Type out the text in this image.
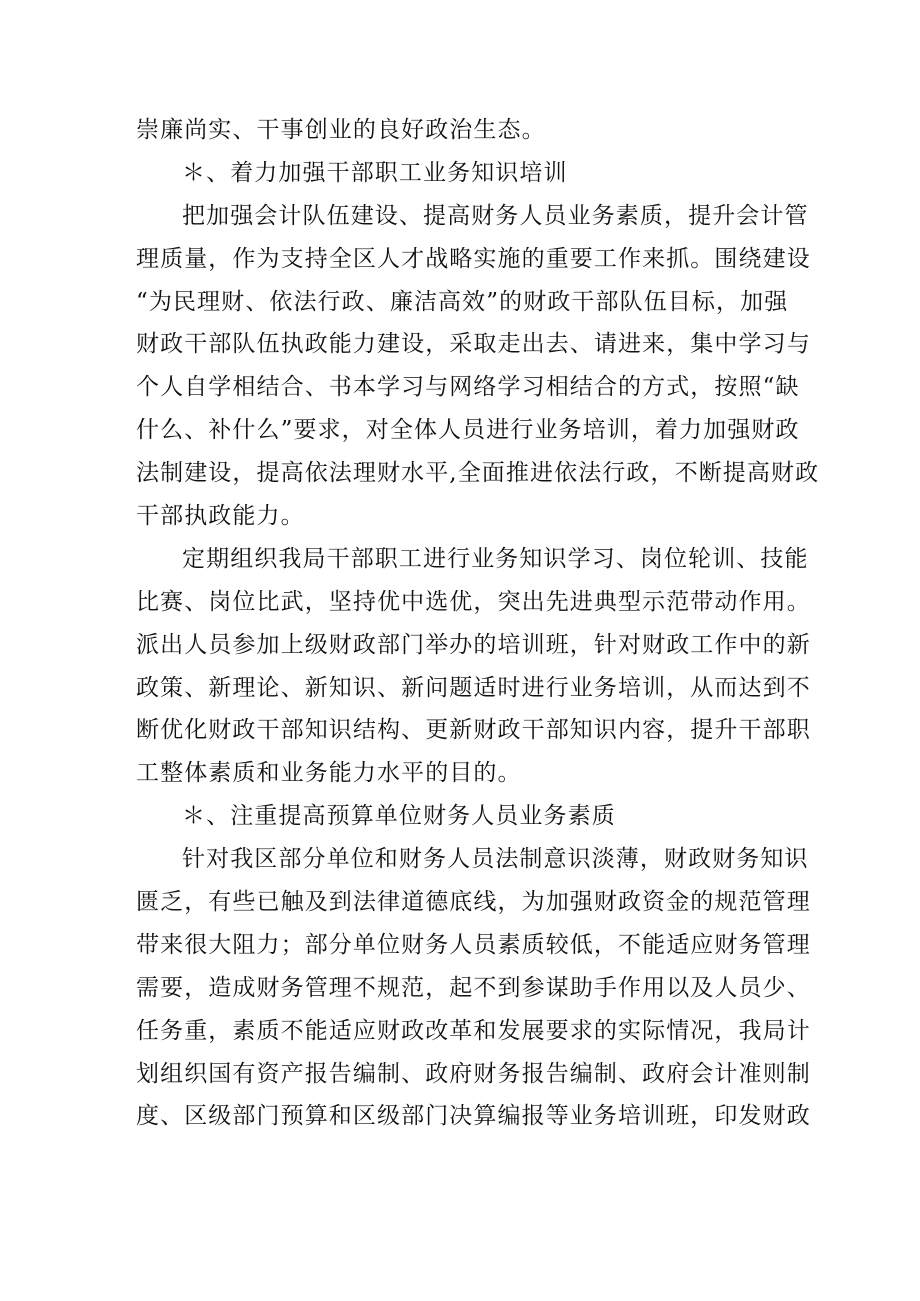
崇廉尚实、干事创业的良好政治生态。
＊、着力加强干部职工业务知识培训
把加强会计队伍建设、提高财务人员业务素质，提升会计管
理质量，作为支持全区人才战略实施的重要工作来抓。围绕建设
“为民理财、依法行政、廉洁高效”的财政干部队伍目标，加强
财政干部队伍执政能力建设，采取走出去、请进来，集中学习与
个人自学相结合、书本学习与网络学习相结合的方式，按照“缺
什么、补什么”要求，对全体人员进行业务培训，着力加强财政
法制建设，提高依法理财水平,全面推进依法行政，不断提高财政
干部执政能力。
定期组织我局干部职工进行业务知识学习、岗位轮训、技能
比赛、岗位比武，坚持优中选优，突出先进典型示范带动作用。
派出人员参加上级财政部门举办的培训班，针对财政工作中的新
政策、新理论、新知识、新问题适时进行业务培训，从而达到不
断优化财政干部知识结构、更新财政干部知识内容，提升干部职
工整体素质和业务能力水平的目的。
＊、注重提高预算单位财务人员业务素质
针对我区部分单位和财务人员法制意识淡薄，财政财务知识
匮乏，有些已触及到法律道德底线，为加强财政资金的规范管理
带来很大阻力；部分单位财务人员素质较低，不能适应财务管理
需要，造成财务管理不规范，起不到参谋助手作用以及人员少、
任务重，素质不能适应财政改革和发展要求的实际情况，我局计
划组织国有资产报告编制、政府财务报告编制、政府会计准则制
度、区级部门预算和区级部门决算编报等业务培训班，印发财政
